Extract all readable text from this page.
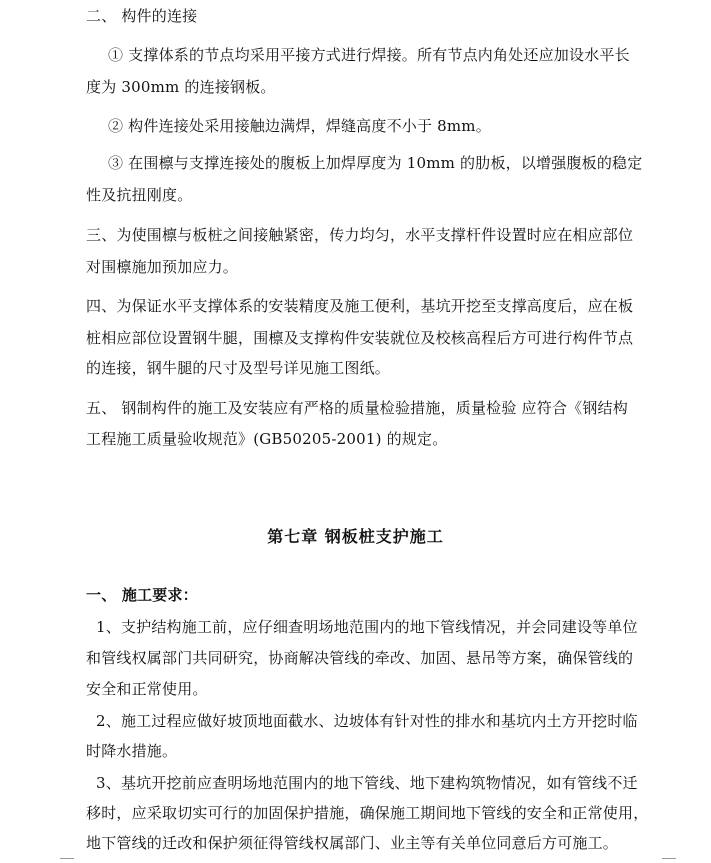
二、 构件的连接
① 支撑体系的节点均采用平接方式进行焊接。所有节点内角处还应加设水平长
度为 300mm 的连接钢板。
② 构件连接处采用接触边满焊，焊缝高度不小于 8mm。
③ 在围檩与支撑连接处的腹板上加焊厚度为 10mm 的肋板，以增强腹板的稳定
性及抗扭刚度。
三、为使围檩与板桩之间接触紧密，传力均匀，水平支撑杆件设置时应在相应部位
对围檩施加预加应力。
四、为保证水平支撑体系的安装精度及施工便利，基坑开挖至支撑高度后，应在板
桩相应部位设置钢牛腿，围檩及支撑构件安装就位及校核高程后方可进行构件节点
的连接，钢牛腿的尺寸及型号详见施工图纸。
五、 钢制构件的施工及安装应有严格的质量检验措施，质量检验 应符合《钢结构
工程施工质量验收规范》(GB50205-2001) 的规定。
第七章 钢板桩支护施工
一、 施工要求：
1、支护结构施工前，应仔细查明场地范围内的地下管线情况，并会同建设等单位
和管线权属部门共同研究，协商解决管线的牵改、加固、悬吊等方案，确保管线的
安全和正常使用。
2、施工过程应做好坡顶地面截水、边坡体有针对性的排水和基坑内土方开挖时临
时降水措施。
3、基坑开挖前应查明场地范围内的地下管线、地下建构筑物情况，如有管线不迁
移时，应采取切实可行的加固保护措施，确保施工期间地下管线的安全和正常使用，
地下管线的迁改和保护须征得管线权属部门、业主等有关单位同意后方可施工。
